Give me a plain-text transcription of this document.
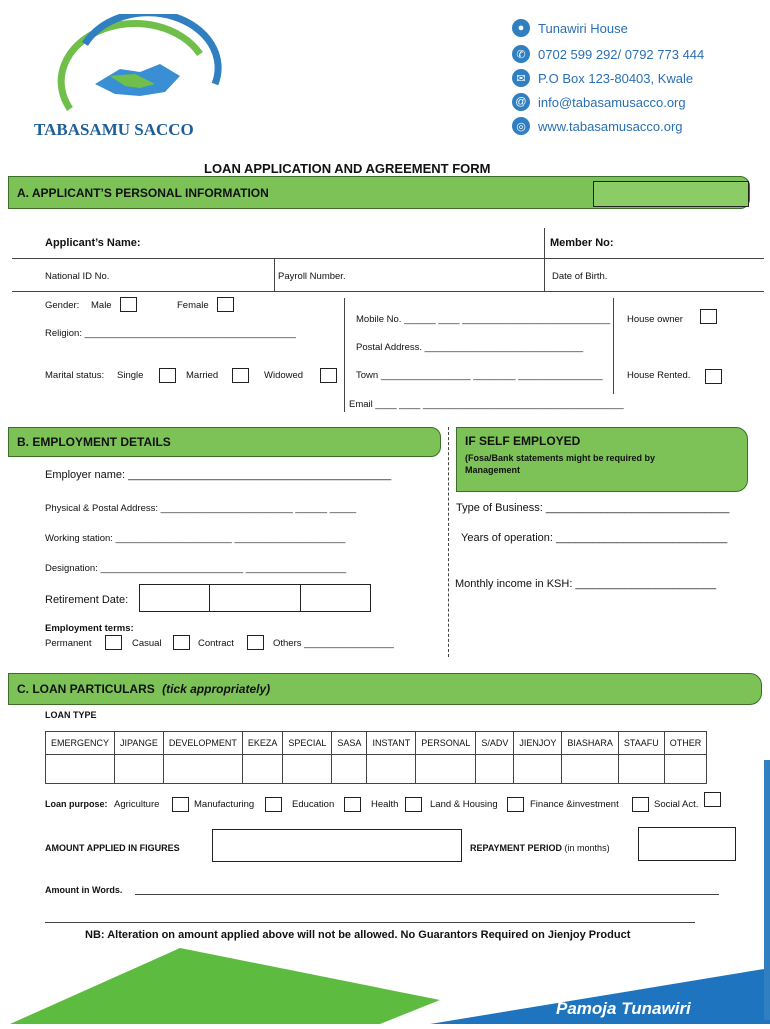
TABASAMU SACCO
●	Tunawiri House
✆ 0702 599 292/ 0792 773 444
✉ P.O Box 123-80403, Kwale
@ info@tabasamusacco.org
◎ www.tabasamusacco.org
LOAN APPLICATION AND AGREEMENT FORM
A. APPLICANT’S PERSONAL INFORMATION
Applicant’s Name:	Member No:
National ID No.	Payroll Number.	Date of Birth.
Gender: Male	Female
Religion: ________________________________________
Marital status: Single	Married	Widowed
Mobile No. ______ ____ ____________________________
Postal Address. ______________________________
Town _________________ ________ ________________
Email ____ ____ ______________________________________
House owner
House Rented.
B. EMPLOYMENT DETAILS
Employer name: ___________________________________________
Physical & Postal Address: _________________________ ______ _____
Working station: ______________________ _____________________
Designation: ___________________________ ___________________
Retirement Date:
Employment terms:
Permanent	Casual	Contract	Others _________________
IF SELF EMPLOYED
(Fosa/Bank statements might be required by Management
Type of Business: ______________________________
Years of operation: ____________________________
Monthly income in KSH: _______________________
C. LOAN PARTICULARS
(tick appropriately)
LOAN TYPE
EMERGENCY	JIPANGE	DEVELOPMENT	EKEZA	SPECIAL	SASA	INSTANT	PERSONAL	S/ADV	JIENJOY	BIASHARA	STAAFU	OTHER

Loan purpose: Agriculture	Manufacturing	Education	Health	Land & Housing	Finance &investment	Social Act.
AMOUNT APPLIED IN FIGURES	REPAYMENT PERIOD (in months)
Amount in Words.
NB: Alteration on amount applied above will not be allowed. No Guarantors Required on Jienjoy Product
Pamoja Tunawiri
